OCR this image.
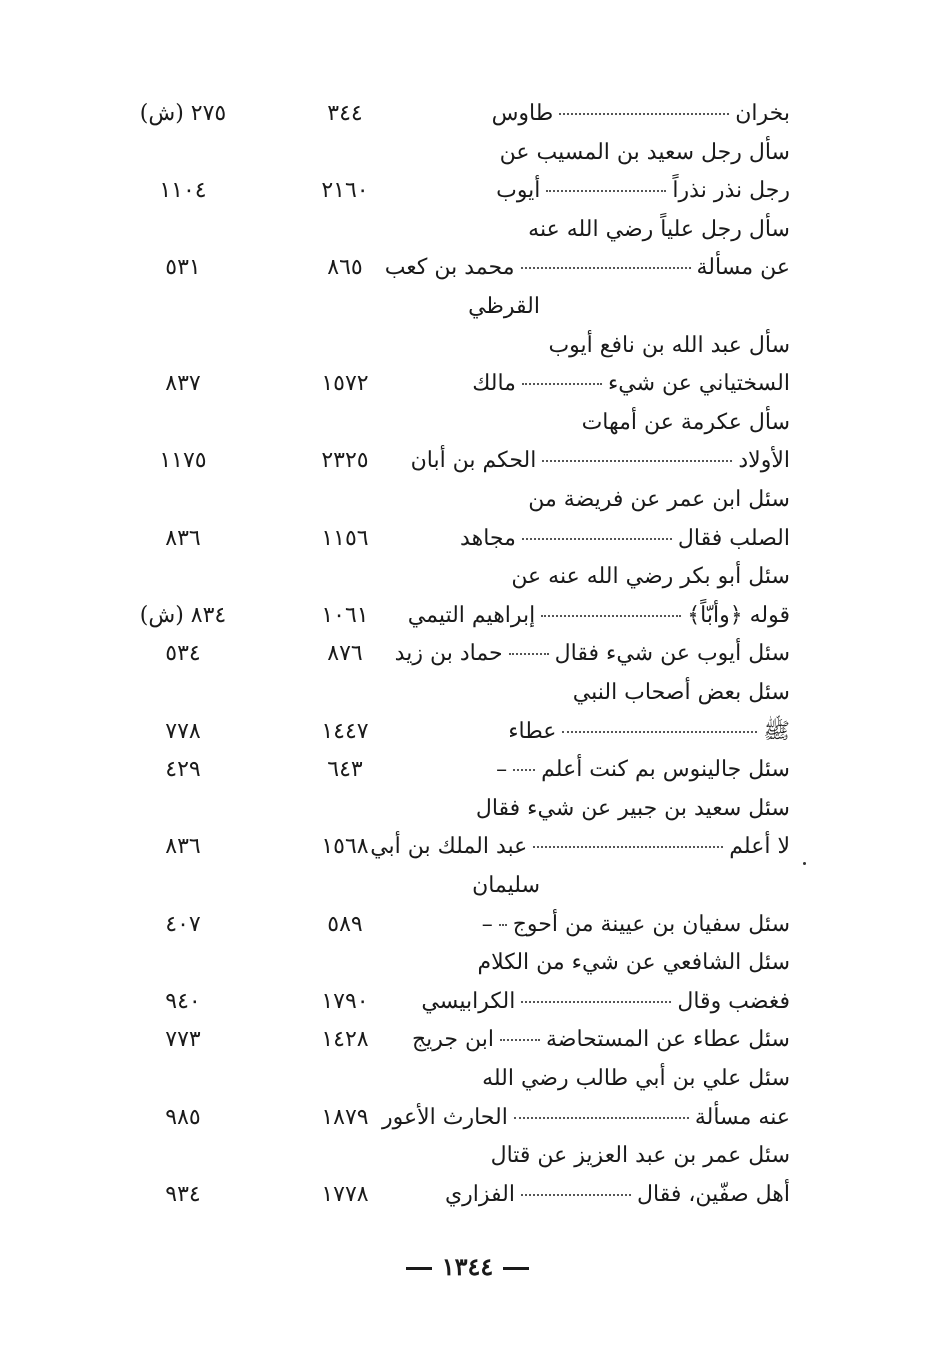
بخرانطاوس
٣٤٤
٢٧٥ (ش)
سأل رجل سعيد بن المسيب عن
رجل نذر نذراًأيوب
٢١٦٠
١١٠٤
سأل رجل علياً رضي الله عنه
عن مسألةمحمد بن كعب
٨٦٥
٥٣١
القرظي
سأل عبد الله بن نافع أيوب
السختياني عن شيءمالك
١٥٧٢
٨٣٧
سأل عكرمة عن أمهات
الأولادالحكم بن أبان
٢٣٢٥
١١٧٥
سئل ابن عمر عن فريضة من
الصلب فقالمجاهد
١١٥٦
٨٣٦
سئل أبو بكر رضي الله عنه عن
قوله ﴿وأبّاً﴾إبراهيم التيمي
١٠٦١
٨٣٤ (ش)
سئل أيوب عن شيء فقالحماد بن زيد
٨٧٦
٥٣٤
سئل بعض أصحاب النبي
ﷺعطاء
١٤٤٧
٧٧٨
سئل جالينوس بم كنت أعلم–
٦٤٣
٤٢٩
سئل سعيد بن جبير عن شيء فقال
لا أعلمعبد الملك بن أبي
١٥٦٨
٨٣٦
سليمان
سئل سفيان بن عيينة من أحوج–
٥٨٩
٤٠٧
سئل الشافعي عن شيء من الكلام
فغضب وقالالكرابيسي
١٧٩٠
٩٤٠
سئل عطاء عن المستحاضةابن جريج
١٤٢٨
٧٧٣
سئل علي بن أبي طالب رضي الله
عنه مسألةالحارث الأعور
١٨٧٩
٩٨٥
سئل عمر بن عبد العزيز عن قتال
أهل صفّين، فقالالفزاري
١٧٧٨
٩٣٤
١٣٤٤
